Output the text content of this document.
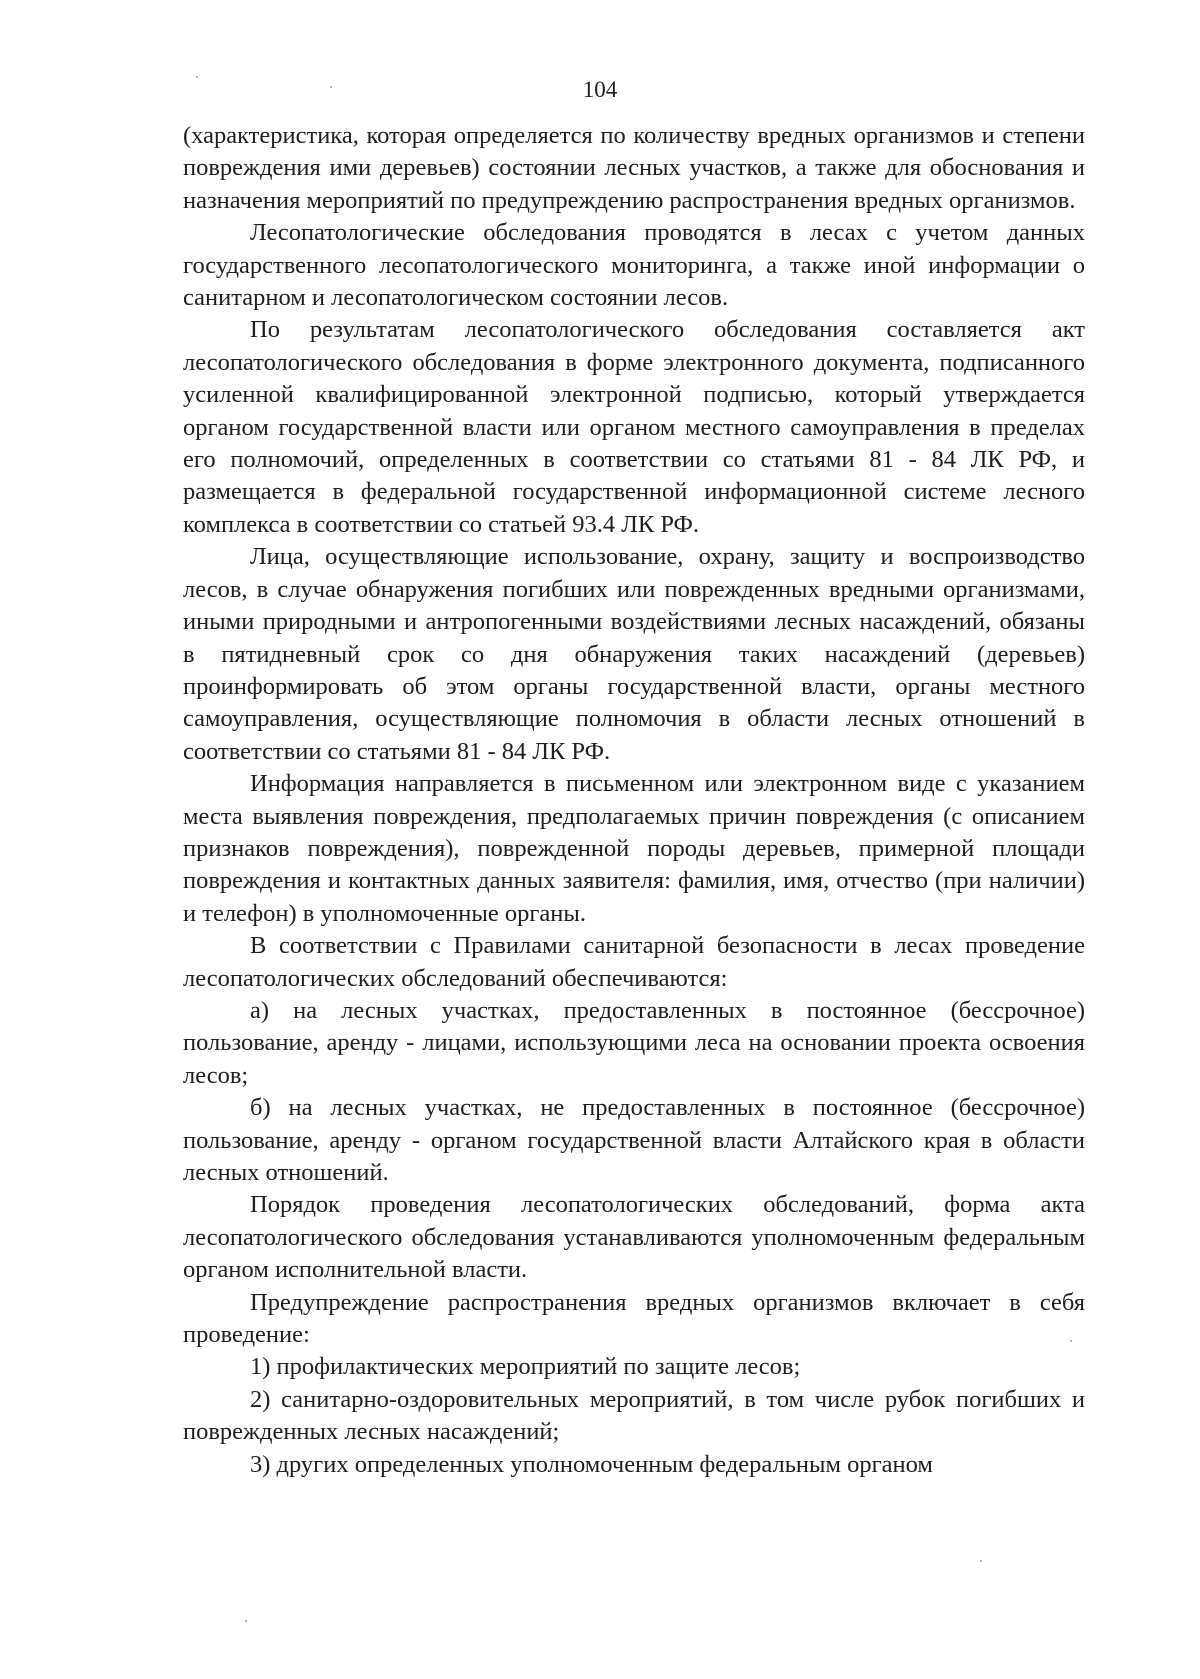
104

(характеристика, которая определяется по количеству вредных организмов и степени повреждения ими деревьев) состоянии лесных участков, а также для обоснования и назначения мероприятий по предупреждению распространения вредных организмов.

Лесопатологические обследования проводятся в лесах с учетом данных государственного лесопатологического мониторинга, а также иной информации о санитарном и лесопатологическом состоянии лесов.

По результатам лесопатологического обследования составляется акт лесопатологического обследования в форме электронного документа, подписанного усиленной квалифицированной электронной подписью, который утверждается органом государственной власти или органом местного самоуправления в пределах его полномочий, определенных в соответствии со статьями 81 - 84 ЛК РФ, и размещается в федеральной государственной информационной системе лесного комплекса в соответствии со статьей 93.4 ЛК РФ.

Лица, осуществляющие использование, охрану, защиту и воспроизводство лесов, в случае обнаружения погибших или поврежденных вредными организмами, иными природными и антропогенными воздействиями лесных насаждений, обязаны в пятидневный срок со дня обнаружения таких насаждений (деревьев) проинформировать об этом органы государственной власти, органы местного самоуправления, осуществляющие полномочия в области лесных отношений в соответствии со статьями 81 - 84 ЛК РФ.

Информация направляется в письменном или электронном виде с указанием места выявления повреждения, предполагаемых причин повреждения (с описанием признаков повреждения), поврежденной породы деревьев, примерной площади повреждения и контактных данных заявителя: фамилия, имя, отчество (при наличии) и телефон) в уполномоченные органы.

В соответствии с Правилами санитарной безопасности в лесах проведение лесопатологических обследований обеспечиваются:

а) на лесных участках, предоставленных в постоянное (бессрочное) пользование, аренду - лицами, использующими леса на основании проекта освоения лесов;

б) на лесных участках, не предоставленных в постоянное (бессрочное) пользование, аренду - органом государственной власти Алтайского края в области лесных отношений.

Порядок проведения лесопатологических обследований, форма акта лесопатологического обследования устанавливаются уполномоченным федеральным органом исполнительной власти.

Предупреждение распространения вредных организмов включает в себя проведение:

1) профилактических мероприятий по защите лесов;

2) санитарно-оздоровительных мероприятий, в том числе рубок погибших и поврежденных лесных насаждений;

3) других определенных уполномоченным федеральным органом
